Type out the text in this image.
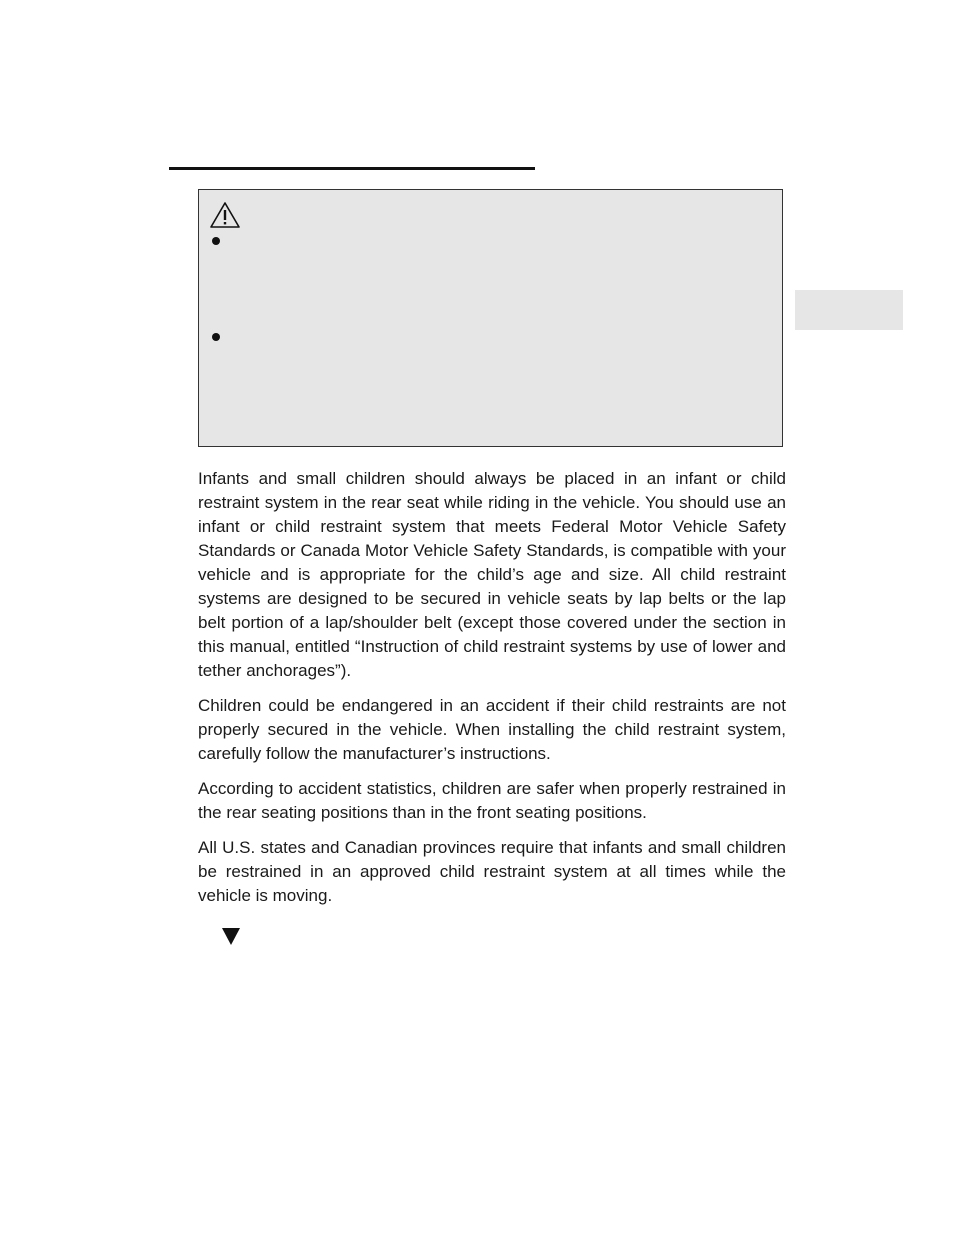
Infants and small children should always be placed in an infant or child restraint system in the rear seat while riding in the vehicle. You should use an infant or child restraint system that meets Federal Motor Vehicle Safety Standards or Canada Motor Vehicle Safety Standards, is compatible with your vehicle and is appropriate for the child’s age and size. All child restraint systems are designed to be secured in vehicle seats by lap belts or the lap belt portion of a lap/shoulder belt (except those covered under the section in this manual, entitled “Instruction of child restraint systems by use of lower and tether anchorages”).

Children could be endangered in an accident if their child restraints are not properly secured in the vehicle. When installing the child restraint system, carefully follow the manufacturer’s instructions.

According to accident statistics, children are safer when properly restrained in the rear seating positions than in the front seating positions.

All U.S. states and Canadian provinces require that infants and small children be restrained in an approved child restraint system at all times while the vehicle is moving.
